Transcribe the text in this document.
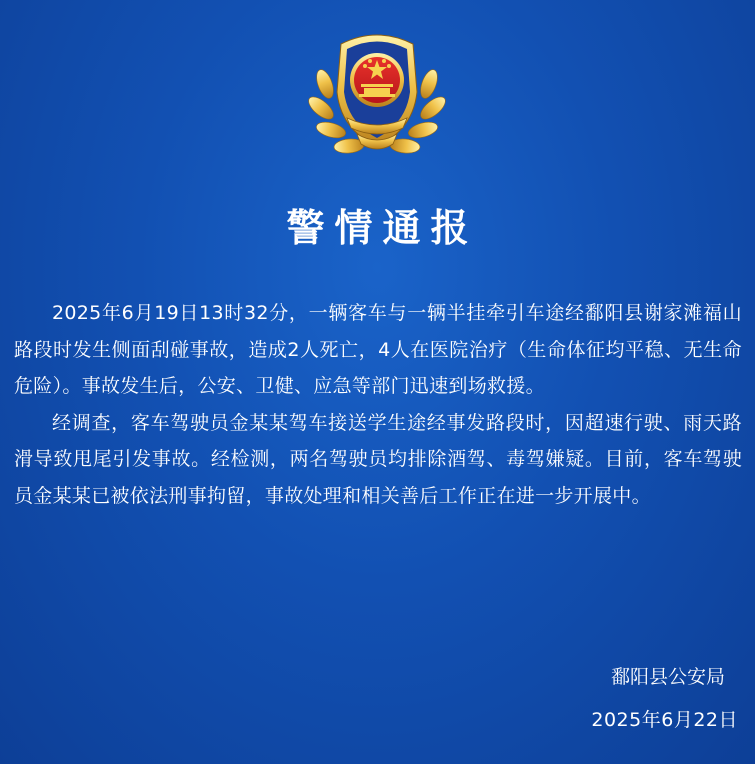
警情通报

2025年6月19日13时32分，一辆客车与一辆半挂牵引车途经鄱阳县谢家滩福山路段时发生侧面刮碰事故，造成2人死亡，4人在医院治疗（生命体征均平稳、无生命危险）。事故发生后，公安、卫健、应急等部门迅速到场救援。

经调查，客车驾驶员金某某驾车接送学生途经事发路段时，因超速行驶、雨天路滑导致甩尾引发事故。经检测，两名驾驶员均排除酒驾、毒驾嫌疑。目前，客车驾驶员金某某已被依法刑事拘留，事故处理和相关善后工作正在进一步开展中。

鄱阳县公安局
2025年6月22日
